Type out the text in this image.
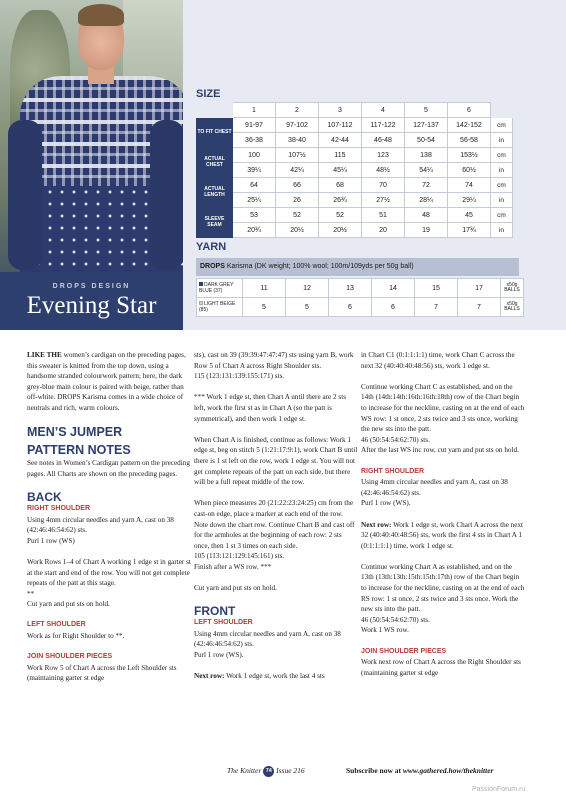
DROPS DESIGN
Evening Star
SIZE
	1	2	3	4	5	6	
TO FIT CHEST	91-97	97-102	107-112	117-122	127-137	142-152	cm
	36-38	38-40	42-44	46-48	50-54	56-58	in
ACTUAL CHEST	100	107½	115	123	138	153½	cm
	39¼	42¼	45¼	48½	54¼	60½	in
ACTUAL LENGTH	64	66	68	70	72	74	cm
	25¼	26	26¾	27½	28¼	29¼	in
SLEEVE SEAM	53	52	52	51	48	45	cm
	20¾	20½	20½	20	19	17¾	in
YARN
DROPS Karisma (DK weight; 100% wool; 100m/109yds per 50g ball)
DARK GREY BLUE (37)	11	12	13	14	15	17	x50g BALLS
LIGHT BEIGE (85)	5	5	6	6	7	7	x50g BALLS

LIKE THE women’s cardigan on the preceding pages, this sweater is knitted from the top down, using a handsome stranded colourwork pattern; here, the dark grey-blue main colour is paired with beige, rather than off-white. DROPS Karisma comes in a wide choice of neutrals and rich, warm colours.

MEN’S JUMPER
PATTERN NOTES

See notes in Women’s Cardigan pattern on the preceding pages. All Charts are shown on the preceding pages.

BACK
RIGHT SHOULDER
Using 4mm circular needles and yarn A, cast on 38 (42:46:46:54:62) sts.

Purl 1 row (WS)

Work Rows 1–4 of Chart A working 1 edge st in garter st at the start and end of the row. You will not get complete repeats of the patt at this stage.

**

Cut yarn and put sts on hold.

LEFT SHOULDER

Work as for Right Shoulder to **.

JOIN SHOULDER PIECES
Work Row 5 of Chart A across the Left Shoulder sts (maintaining garter st edge
sts), cast on 39 (39:39:47:47:47) sts using yarn B, work Row 5 of Chart A across Right Shoulder sts.

115 (123:131:139:155:171) sts.

*** Work 1 edge st, then Chart A until there are 2 sts left, work the first st as in Chart A (so the patt is symmetrical), and then work 1 edge st.

When Chart A is finished, continue as follows: Work 1 edge st, beg on stitch 5 (1:21:17:9:1), work Chart B until there is 1 st left on the row, work 1 edge st. You will not get complete repeats of the patt on each side, but there will be a full repeat middle of the row.

When piece measures 20 (21:22:23:24:25) cm from the cast-on edge, place a marker at each end of the row. Note down the chart row. Continue Chart B and cast off for the armholes at the beginning of each row: 2 sts once, then 1 st 3 times on each side.
105 (113:121:129:145:161) sts.

Finish after a WS row. ***

Cut yarn and put sts on hold.

FRONT
LEFT SHOULDER
Using 4mm circular needles and yarn A, cast on 38 (42:46:46:54:62) sts.

Purl 1 row (WS).

Next row: Work 1 edge st, work the last 4 sts

in Chart C1 (0:1:1:1:1) time, work Chart C across the next 32 (40:40:40:48:56) sts, work 1 edge st.

Continue working Chart C as established, and on the 14th (14th:14th:16th:16th:18th) row of the Chart begin to increase for the neckline, casting on at the end of each WS row: 1 st once, 2 sts twice and 3 sts once, working the new sts into the patt.
46 (50:54:54:62:70) sts.

After the last WS inc row, cut yarn and put sts on hold.

RIGHT SHOULDER
Using 4mm circular needles and yarn A, cast on 38 (42:46:46:54:62) sts.

Purl 1 row (WS).

Next row: Work 1 edge st, work Chart A across the next 32 (40:40:40:48:56) sts, work the first 4 sts in Chart A 1 (0:1:1:1:1) time, work 1 edge st.

Continue working Chart A as established, and on the 13th (13th:13th:15th:15th:17th) row of the Chart begin to increase for the neckline, casting on at the end of each RS row: 1 st once, 2 sts twice and 3 sts once. Work the new sts into the patt.
46 (50:54:54:62:70) sts.

Work 1 WS row.

JOIN SHOULDER PIECES
Work next row of Chart A across the Right Shoulder sts (maintaining garter st edge
The Knitter 74 Issue 216	Subscribe now at www.gathered.how/theknitter
PassionForum.ru
